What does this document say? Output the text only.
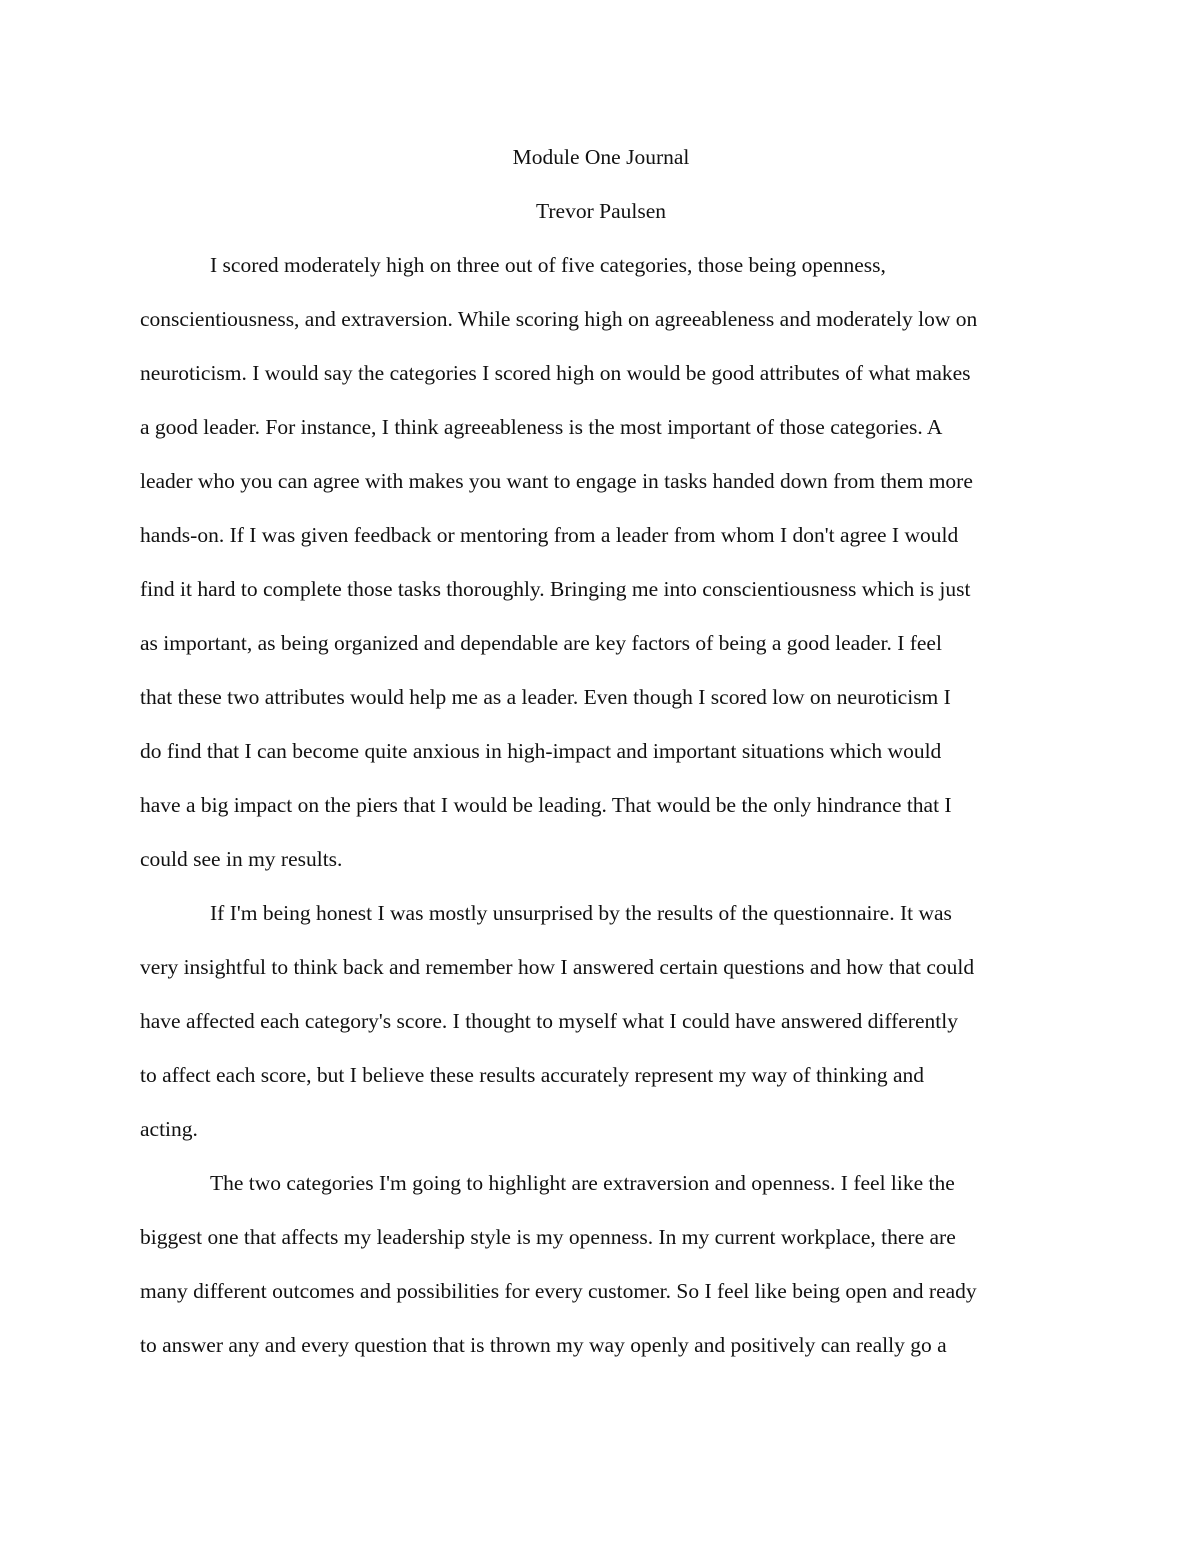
Module One Journal
Trevor Paulsen
I scored moderately high on three out of five categories, those being openness,
conscientiousness, and extraversion. While scoring high on agreeableness and moderately low on
neuroticism. I would say the categories I scored high on would be good attributes of what makes
a good leader. For instance, I think agreeableness is the most important of those categories. A
leader who you can agree with makes you want to engage in tasks handed down from them more
hands-on. If I was given feedback or mentoring from a leader from whom I don't agree I would
find it hard to complete those tasks thoroughly. Bringing me into conscientiousness which is just
as important, as being organized and dependable are key factors of being a good leader. I feel
that these two attributes would help me as a leader. Even though I scored low on neuroticism I
do find that I can become quite anxious in high-impact and important situations which would
have a big impact on the piers that I would be leading. That would be the only hindrance that I
could see in my results.
If I'm being honest I was mostly unsurprised by the results of the questionnaire. It was
very insightful to think back and remember how I answered certain questions and how that could
have affected each category's score. I thought to myself what I could have answered differently
to affect each score, but I believe these results accurately represent my way of thinking and
acting.
The two categories I'm going to highlight are extraversion and openness. I feel like the
biggest one that affects my leadership style is my openness. In my current workplace, there are
many different outcomes and possibilities for every customer. So I feel like being open and ready
to answer any and every question that is thrown my way openly and positively can really go a
